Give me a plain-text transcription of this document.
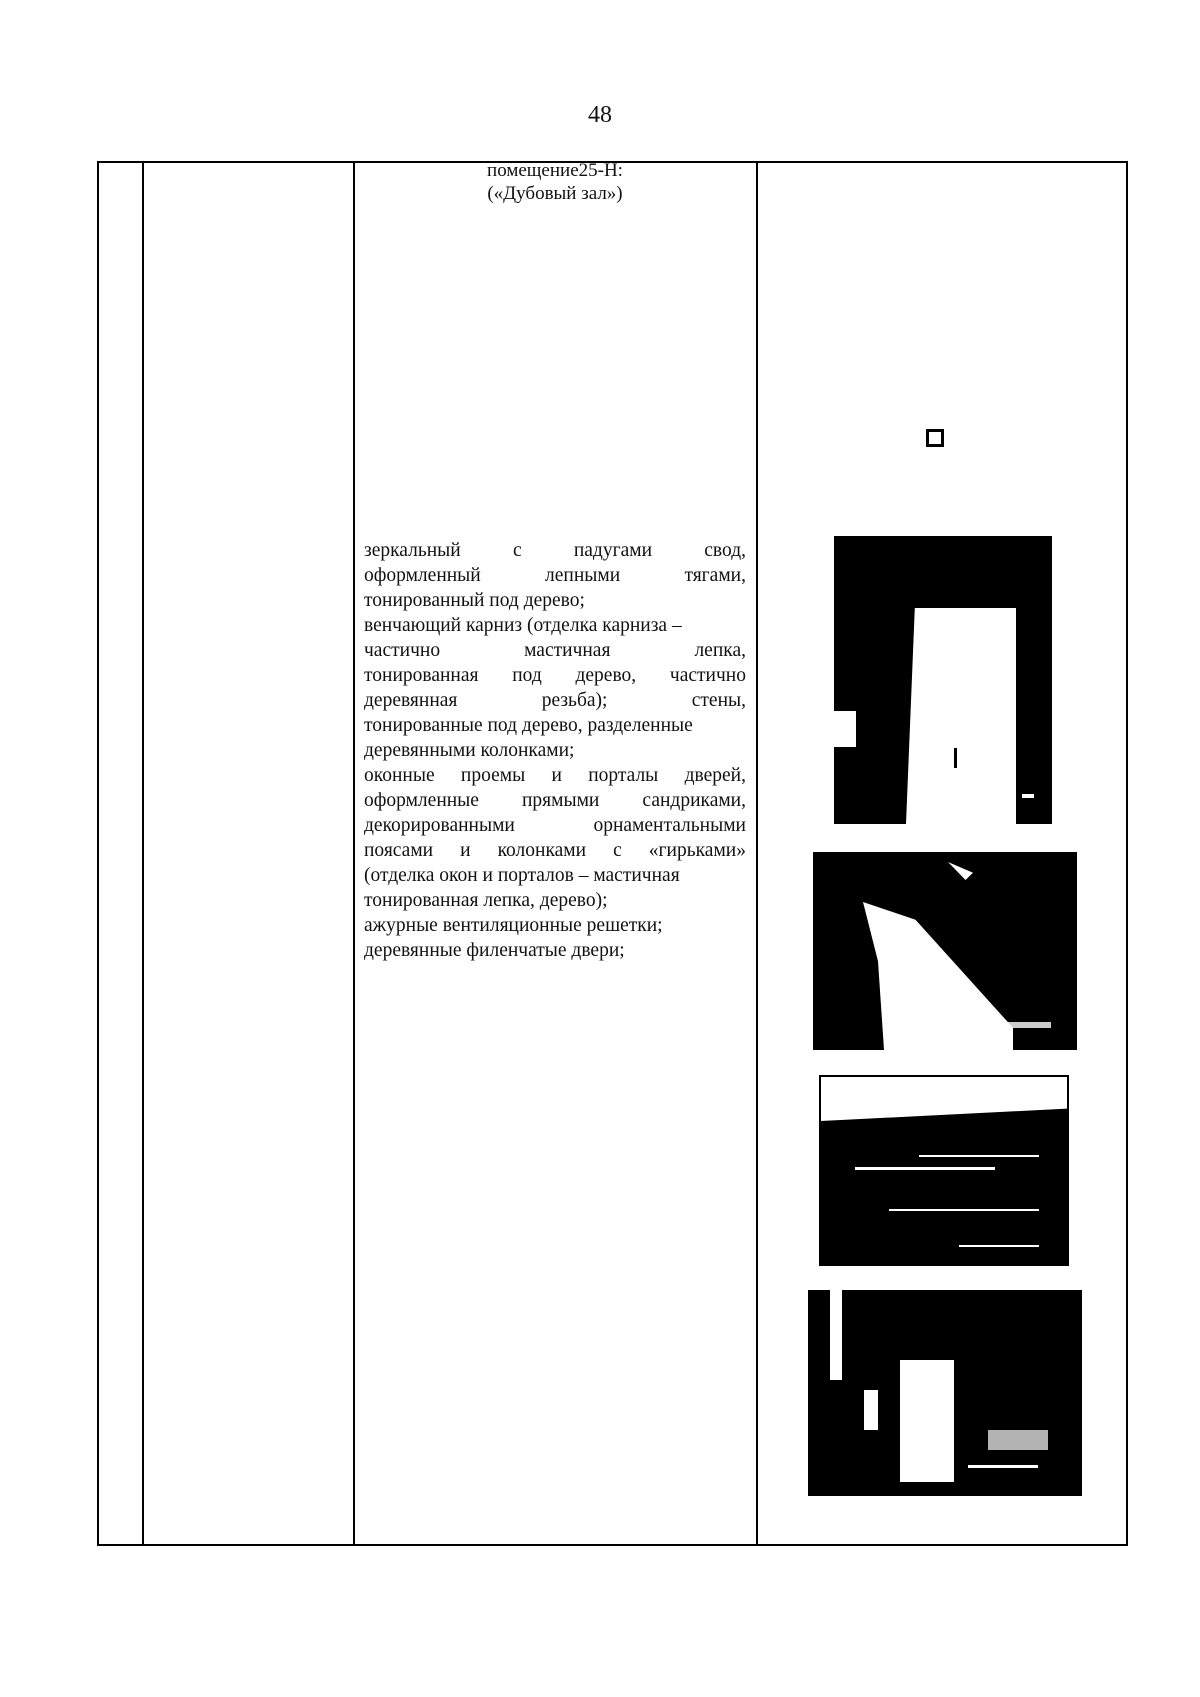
48
помещение25-Н:
(«Дубовый зал»)
зеркальный	с	падугами	свод,
оформленный	лепными	тягами,
тонированный под дерево;
венчающий карниз (отделка карниза –
частично	мастичная	лепка,
тонированная под дерево, частично
деревянная	резьба);	стены,
тонированные под дерево, разделенные
деревянными колонками;
оконные проемы и порталы дверей,
оформленные прямыми сандриками,
декорированными	орнаментальными
поясами и колонками с «гирьками»
(отделка окон и порталов – мастичная
тонированная лепка, дерево);
ажурные вентиляционные решетки;
деревянные филенчатые двери;
